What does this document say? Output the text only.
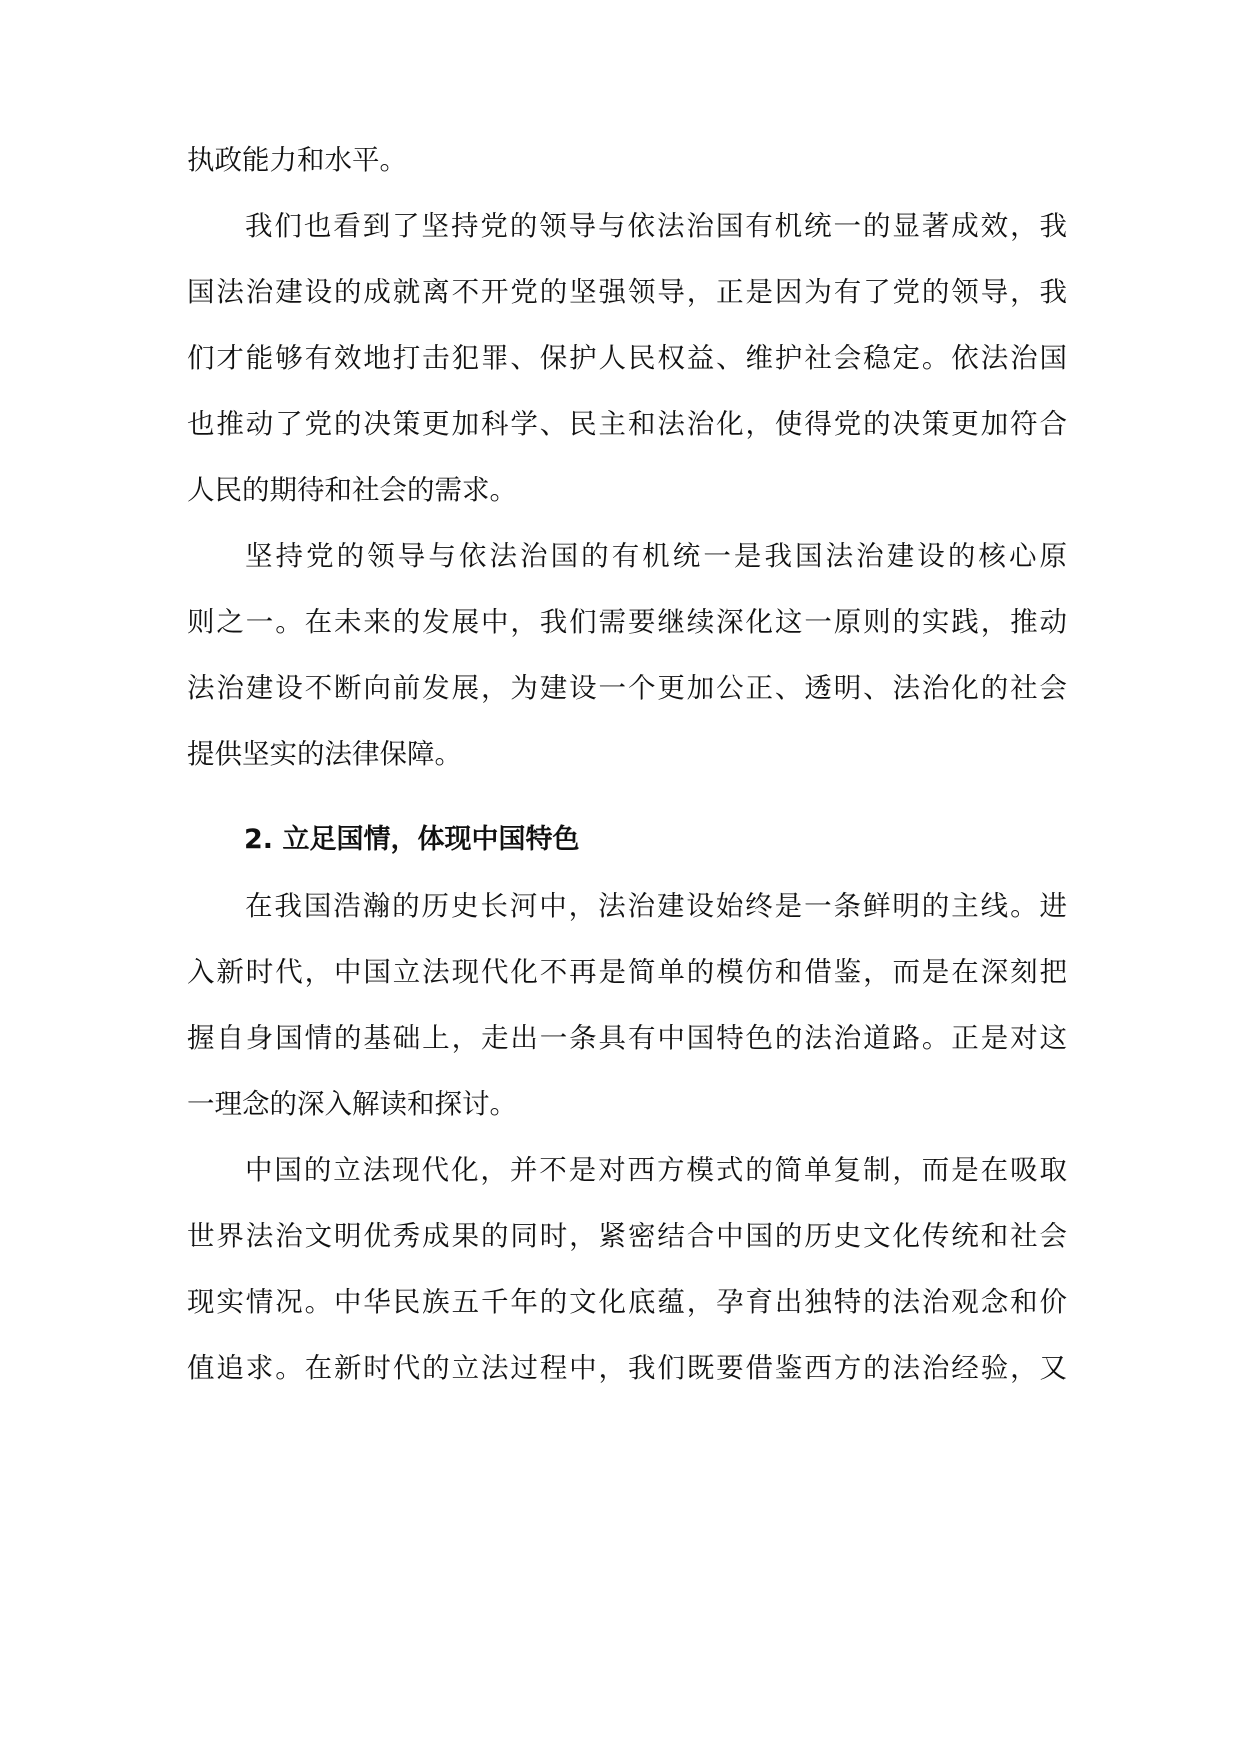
执政能力和水平。
我们也看到了坚持党的领导与依法治国有机统一的显著成效，我
国法治建设的成就离不开党的坚强领导，正是因为有了党的领导，我
们才能够有效地打击犯罪、保护人民权益、维护社会稳定。依法治国
也推动了党的决策更加科学、民主和法治化，使得党的决策更加符合
人民的期待和社会的需求。
坚持党的领导与依法治国的有机统一是我国法治建设的核心原
则之一。在未来的发展中，我们需要继续深化这一原则的实践，推动
法治建设不断向前发展，为建设一个更加公正、透明、法治化的社会
提供坚实的法律保障。
2. 立足国情，体现中国特色
在我国浩瀚的历史长河中，法治建设始终是一条鲜明的主线。进
入新时代，中国立法现代化不再是简单的模仿和借鉴，而是在深刻把
握自身国情的基础上，走出一条具有中国特色的法治道路。正是对这
一理念的深入解读和探讨。
中国的立法现代化，并不是对西方模式的简单复制，而是在吸取
世界法治文明优秀成果的同时，紧密结合中国的历史文化传统和社会
现实情况。中华民族五千年的文化底蕴，孕育出独特的法治观念和价
值追求。在新时代的立法过程中，我们既要借鉴西方的法治经验，又
